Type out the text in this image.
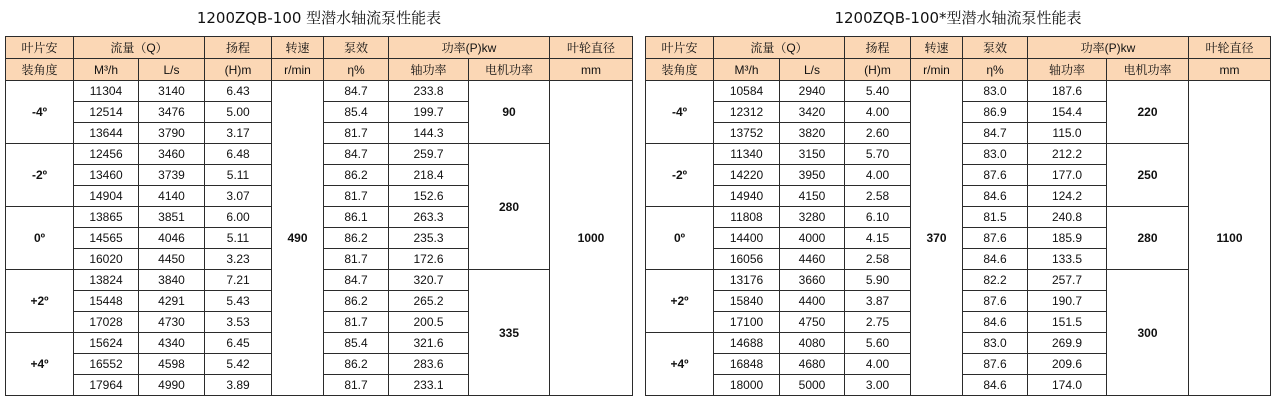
1200ZQB-100 型潜水轴流泵性能表
叶片安	流量（Q）		扬程	转速	泵效	功率(P)kw		叶轮直径
装角度	M³/h	L/s	(H)m	r/min	η%	轴功率	电机功率	mm
-4º	11304	3140	6.43	490	84.7	233.8	90	1000
	12514	3476	5.00		85.4	199.7		
	13644	3790	3.17		81.7	144.3		
-2º	12456	3460	6.48		84.7	259.7	280	
	13460	3739	5.11		86.2	218.4		
	14904	4140	3.07		81.7	152.6		
0º	13865	3851	6.00		86.1	263.3		
	14565	4046	5.11		86.2	235.3		
	16020	4450	3.23		81.7	172.6		
+2º	13824	3840	7.21		84.7	320.7	335	
	15448	4291	5.43		86.2	265.2		
	17028	4730	3.53		81.7	200.5		
+4º	15624	4340	6.45		85.4	321.6		
	16552	4598	5.42		86.2	283.6		
	17964	4990	3.89		81.7	233.1		
1200ZQB-100*型潜水轴流泵性能表
叶片安	流量（Q）		扬程	转速	泵效	功率(P)kw		叶轮直径
装角度	M³/h	L/s	(H)m	r/min	η%	轴功率	电机功率	mm
-4º	10584	2940	5.40	370	83.0	187.6	220	1100
	12312	3420	4.00		86.9	154.4		
	13752	3820	2.60		84.7	115.0		
-2º	11340	3150	5.70		83.0	212.2	250	
	14220	3950	4.00		87.6	177.0		
	14940	4150	2.58		84.6	124.2		
0º	11808	3280	6.10		81.5	240.8	280	
	14400	4000	4.15		87.6	185.9		
	16056	4460	2.58		84.6	133.5		
+2º	13176	3660	5.90		82.2	257.7	300	
	15840	4400	3.87		87.6	190.7		
	17100	4750	2.75		84.6	151.5		
+4º	14688	4080	5.60		83.0	269.9		
	16848	4680	4.00		87.6	209.6		
	18000	5000	3.00		84.6	174.0		
